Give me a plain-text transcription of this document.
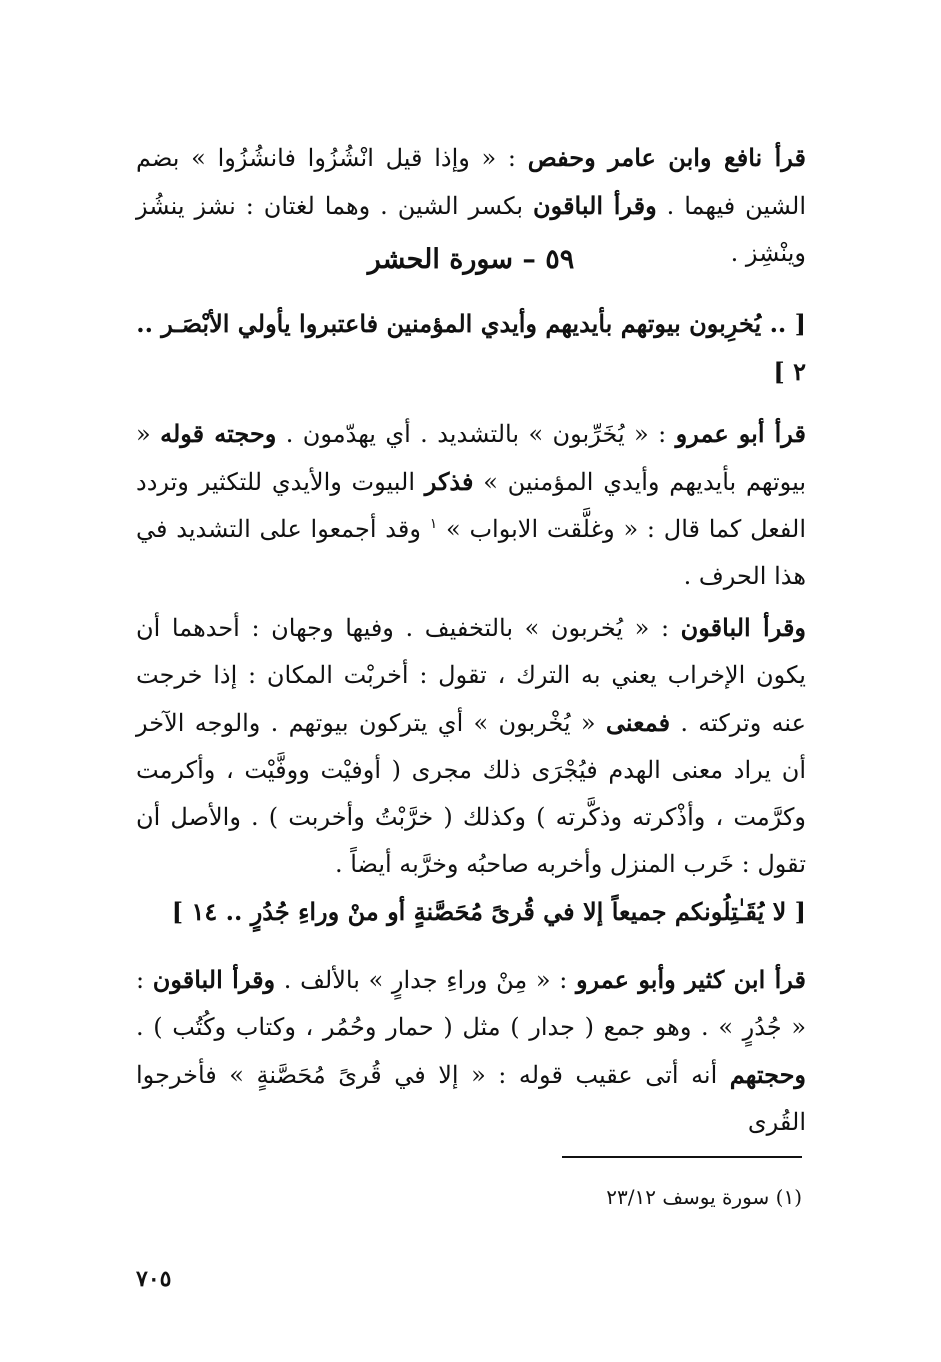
قرأ نافع وابن عامر وحفص : « وإذا قيل انْشُزُوا فانشُزُوا » بضم الشين فيهما . وقرأ الباقون بكسر الشين . وهما لغتان : نشز ينشُز وينْشِز .

٥٩ – سورة الحشر

[ .. يُخرِبون بيوتهم بأيديهم وأيدي المؤمنين فاعتبروا يأولي الأبْصَـر ..
٢ ]

قرأ أبو عمرو : « يُخَرِّبون » بالتشديد . أي يهدّمون . وحجته قوله « بيوتهم بأيديهم وأيدي المؤمنين » فذكر البيوت والأيدي للتكثير وتردد الفعل كما قال : « وغلَّقت الابواب » $^١$ وقد أجمعوا على التشديد في هذا الحرف .

وقرأ الباقون : « يُخربون » بالتخفيف . وفيها وجهان : أحدهما أن يكون الإخراب يعني به الترك ، تقول : أخربْت المكان : إذا خرجت عنه وتركته . فمعنى « يُخْربون » أي يتركون بيوتهم . والوجه الآخر أن يراد معنى الهدم فيُجْرَى ذلك مجرى ( أوفيْت ووفَّيْت ، وأكرمت وكرَّمت ، وأذْكرته وذكَّرته ) وكذلك ( خرَّبْتُ وأخربت ) . والأصل أن تقول : خَرب المنزل وأخربه صاحبُه وخرَّبه أيضاً .

[ لا يُقَـٰتِلُونكم جميعاً إلا في قُرىً مُحَصَّنةٍ أو منْ وراءِ جُدُرٍ .. ١٤ ]

قرأ ابن كثير وأبو عمرو : « مِنْ وراءِ جدارٍ » بالألف . وقرأ الباقون : « جُدُرٍ » . وهو جمع ( جدار ) مثل ( حمار وحُمُر ، وكتاب وكُتُب ) . وحجتهم أنه أتى عقيب قوله : « إلا في قُرىً مُحَصَّنةٍ » فأخرجوا القُرى

(١) سورة يوسف ٢٣/١٢

٧٠٥
